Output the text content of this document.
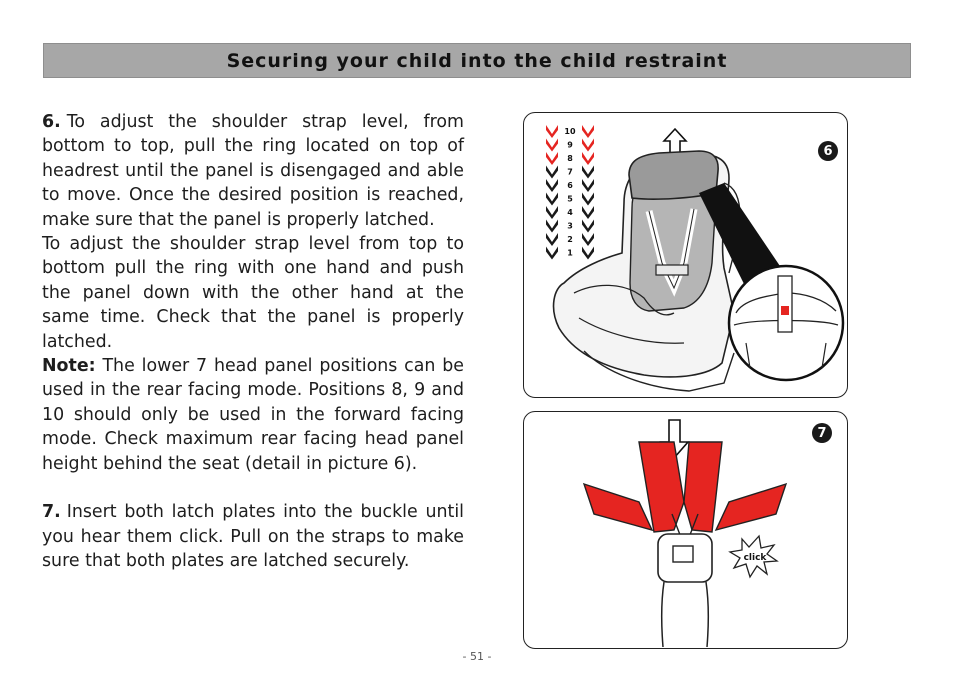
Securing your child into the child restraint

6. To adjust the shoulder strap level, from bottom to top, pull the ring located on top of headrest until the panel is disengaged and able to move. Once the desired position is reached, make sure that the panel is properly latched.

To adjust the shoulder strap level from top to bottom pull the ring with one hand and push the panel down with the other hand at the same time. Check that the panel is properly latched.

Note: The lower 7 head panel positions can be used in the rear facing mode. Positions 8, 9 and 10 should only be used in the forward facing mode. Check maximum rear facing head panel height behind the seat (detail in picture 6).

7. Insert both latch plates into the buckle until you hear them click. Pull on the straps to make sure that both plates are latched securely.

10
9
8
7
6
5
4
3
2
1
6
click
7
- 51 -
